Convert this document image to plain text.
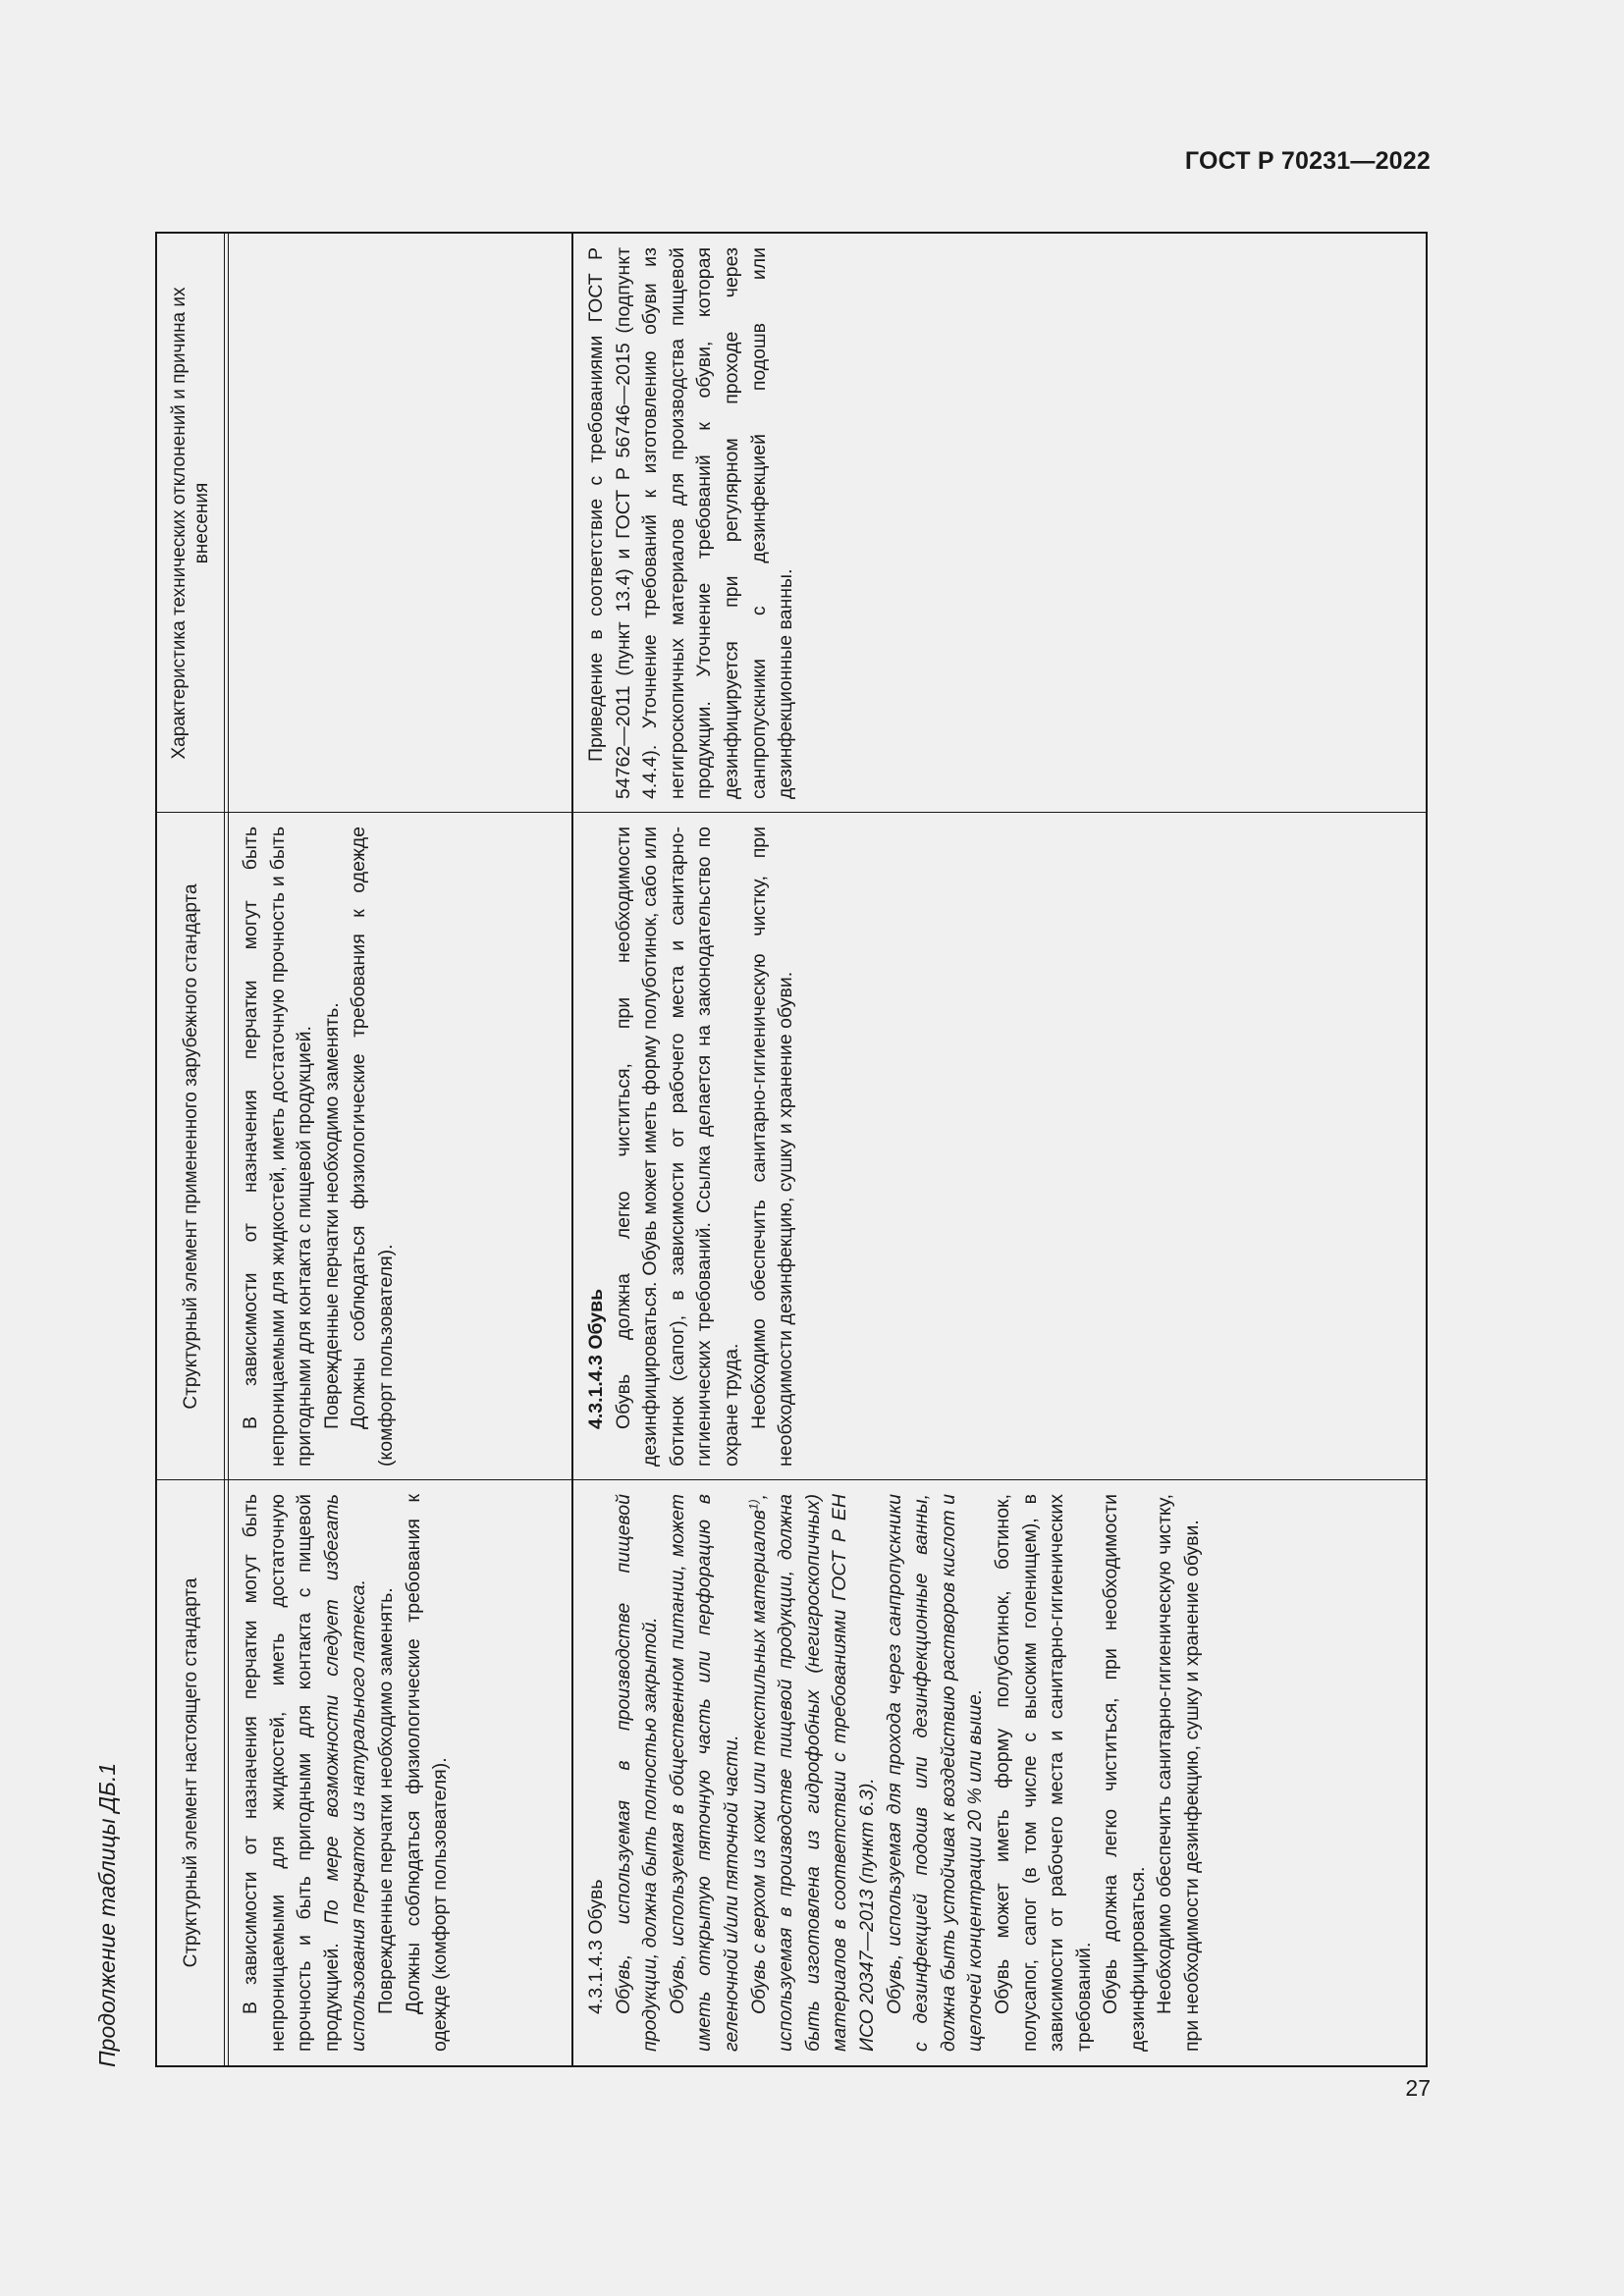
ГОСТ Р 70231—2022
Продолжение таблицы ДБ.1	Структурный элемент настоящего стандарта
Структурный элемент примененного зарубежного стандарта
Характеристика технических отклонений и причина их внесения

В зависимости от назначения перчатки могут быть непроницаемыми для жидкостей, иметь достаточную прочность и быть пригодными для контакта с пищевой продукцией. По мере возможности следует избегать использования перчаток из натурального латекса. Поврежденные перчатки необходимо заменять. Должны соблюдаться физиологические требования к одежде (комфорт пользователя).

В зависимости от назначения перчатки могут быть непроницаемыми для жидкостей, иметь достаточную прочность и быть пригодными для контакта с пищевой продукцией. Поврежденные перчатки необходимо заменять. Должны соблюдаться физиологические требования к одежде (комфорт пользователя).

4.3.1.4.3 Обувь Обувь, используемая в производстве пищевой продукции, должна быть полностью закрытой. Обувь, используемая в общественном питании, может иметь открытую пяточную часть или перфорацию в геленочной и/или пяточной части. Обувь с верхом из кожи или текстильных материалов$^{1)}$, используемая в производстве пищевой продукции, должна быть изготовлена из гидрофобных (негигроскопичных) материалов в соответствии с требованиями ГОСТ Р ЕН ИСО 20347—2013 (пункт 6.3). Обувь, используемая для прохода через санпропускники с дезинфекцией подошв или дезинфекционные ванны, должна быть устойчива к воздействию растворов кислот и щелочей концентрации 20 % или выше. Обувь может иметь форму полуботинок, ботинок, полусапог, сапог (в том числе с высоким голенищем), в зависимости от рабочего места и санитарно-гигиенических требований. Обувь должна легко чиститься, при необходимости дезинфицироваться. Необходимо обеспечить санитарно-гигиеническую чистку, при необходимости дезинфекцию, сушку и хранение обуви.

4.3.1.4.3 Обувь Обувь должна легко чиститься, при необходимости дезинфицироваться. Обувь может иметь форму полуботинок, сабо или ботинок (сапог), в зависимости от рабочего места и санитарно-гигиенических требований. Ссылка делается на законодательство по охране труда. Необходимо обеспечить санитарно-гигиеническую чистку, при необходимости дезинфекцию, сушку и хранение обуви.

Приведение в соответствие с требованиями ГОСТ Р 54762—2011 (пункт 13.4) и ГОСТ Р 56746—2015 (подпункт 4.4.4). Уточнение требований к изготовлению обуви из негигроскопичных материалов для производства пищевой продукции. Уточнение требований к обуви, которая дезинфицируется при регулярном проходе через санпропускники с дезинфекцией подошв или дезинфекционные ванны.

27
